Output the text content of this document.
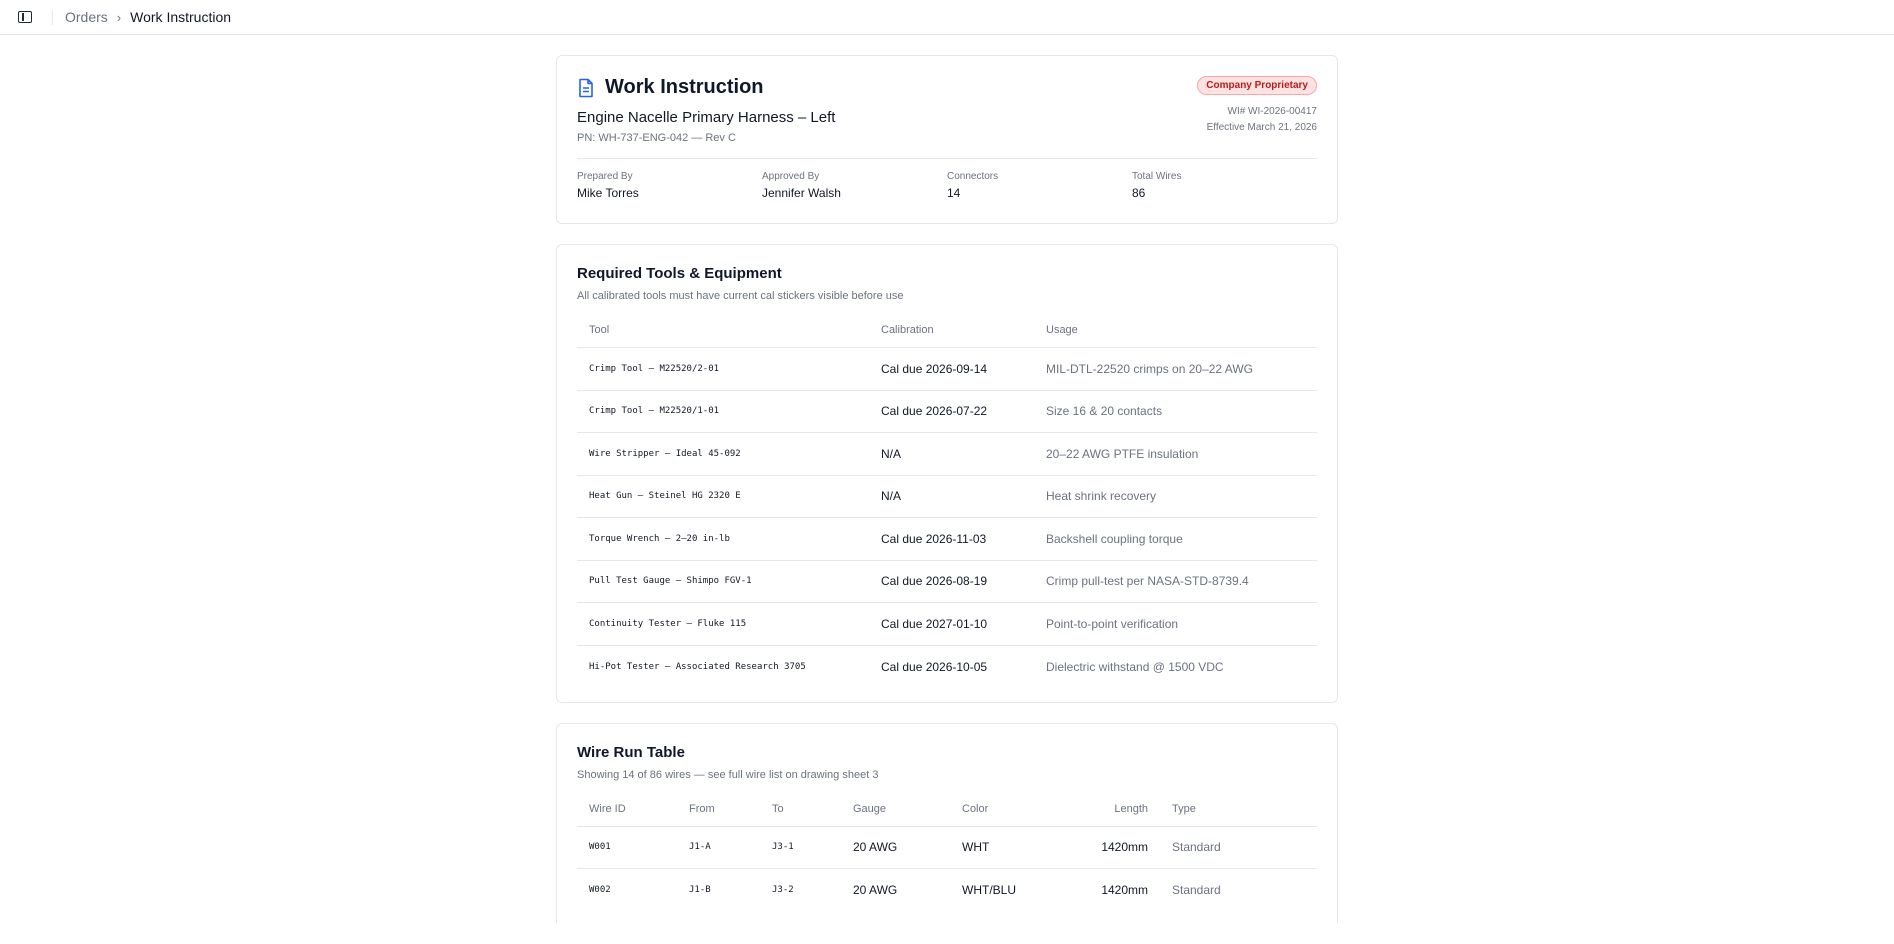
Orders › Work Instruction
Work Instruction
Engine Nacelle Primary Harness – Left
PN: WH-737-ENG-042 — Rev C
Company Proprietary
WI# WI-2026-00417
Effective March 21, 2026
Prepared By
Mike Torres
Approved By
Jennifer Walsh
Connectors
14
Total Wires
86
Required Tools & Equipment
All calibrated tools must have current cal stickers visible before use
Tool	Calibration	Usage
Crimp Tool – M22520/2-01	Cal due 2026-09-14	MIL-DTL-22520 crimps on 20–22 AWG
Crimp Tool – M22520/1-01	Cal due 2026-07-22	Size 16 & 20 contacts
Wire Stripper – Ideal 45-092	N/A	20–22 AWG PTFE insulation
Heat Gun – Steinel HG 2320 E	N/A	Heat shrink recovery
Torque Wrench – 2–20 in-lb	Cal due 2026-11-03	Backshell coupling torque
Pull Test Gauge – Shimpo FGV-1	Cal due 2026-08-19	Crimp pull-test per NASA-STD-8739.4
Continuity Tester – Fluke 115	Cal due 2027-01-10	Point-to-point verification
Hi-Pot Tester – Associated Research 3705	Cal due 2026-10-05	Dielectric withstand @ 1500 VDC
Wire Run Table
Showing 14 of 86 wires — see full wire list on drawing sheet 3
Wire ID	From	To	Gauge	Color	Length	Type
W001	J1-A	J3-1	20 AWG	WHT	1420mm	Standard
W002	J1-B	J3-2	20 AWG	WHT/BLU	1420mm	Standard
